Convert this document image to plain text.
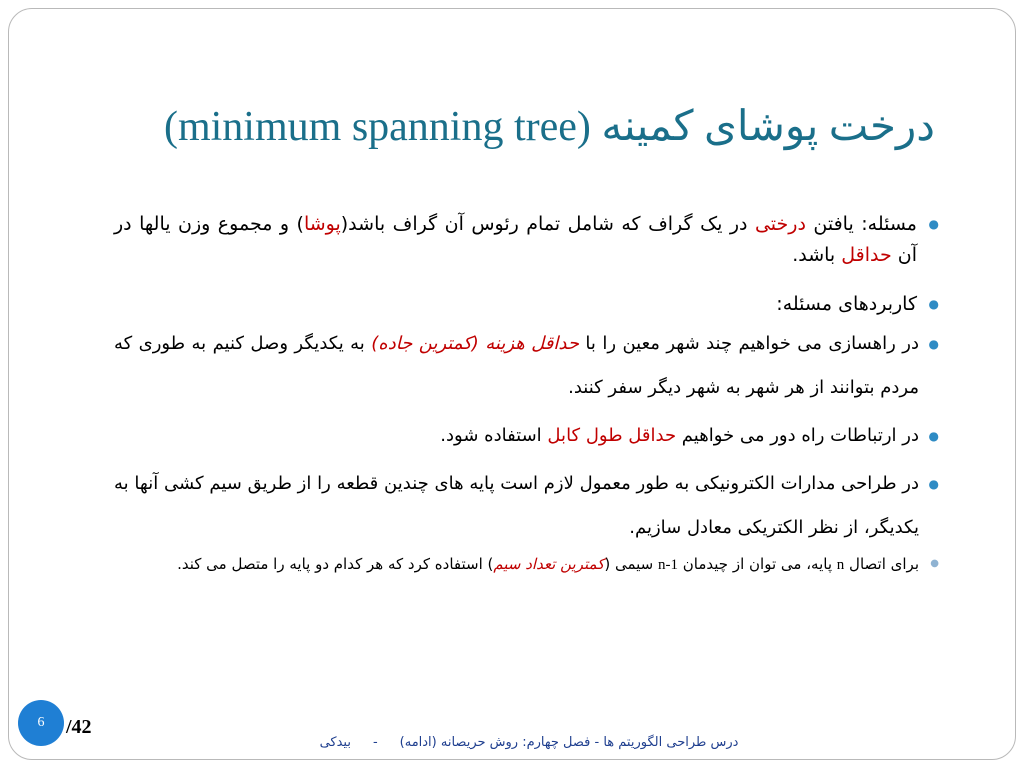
درخت پوشای کمینه (minimum spanning tree)
●
مسئله: یافتن درختی در یک گراف که شامل تمام رئوس آن گراف باشد(پوشا) و مجموع وزن یالها در آن حداقل باشد.
●
کاربردهای مسئله:
●
در راهسازی می خواهیم چند شهر معین را با حداقل هزینه (کمترین جاده) به یکدیگر وصل کنیم به طوری که مردم بتوانند از هر شهر به شهر دیگر سفر کنند.
●
در ارتباطات راه دور می خواهیم حداقل طول کابل استفاده شود.
●
در طراحی مدارات الکترونیکی به طور معمول لازم است پایه های چندین قطعه را از طریق سیم کشی آنها به یکدیگر، از نظر الکتریکی معادل سازیم.
●
برای اتصال n پایه، می توان از چیدمان n-1 سیمی (کمترین تعداد سیم) استفاده کرد که هر کدام دو پایه را متصل می کند.
درس طراحی الگوریتم ها - فصل چهارم: روش حریصانه (ادامه)-بیدکی
6 /42
